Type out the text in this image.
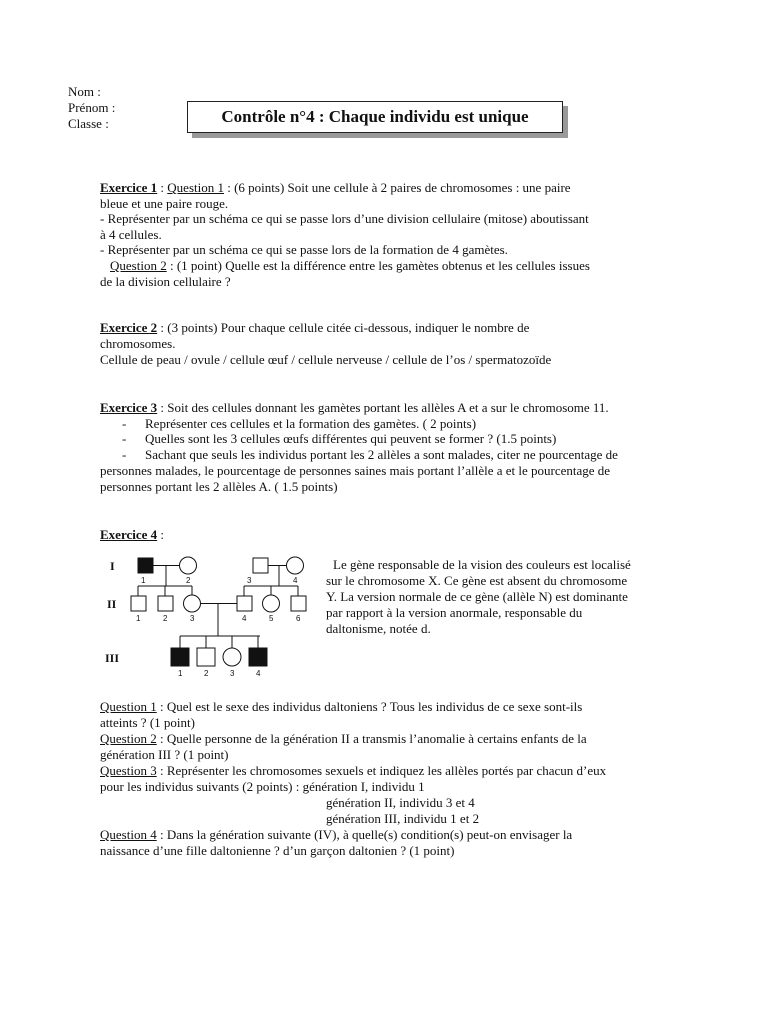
Nom :
Prénom :
Classe :	Contrôle n°4 : Chaque individu est unique
Exercice 1 : Question 1 : (6 points) Soit une cellule à 2 paires de chromosomes : une paire
bleue et une paire rouge.
- Représenter par un schéma ce qui se passe lors d’une division cellulaire (mitose) aboutissant
à 4 cellules.
- Représenter par un schéma ce qui se passe lors de la formation de 4 gamètes.
Question 2 : (1 point) Quelle est la différence entre les gamètes obtenus et les cellules issues
de la division cellulaire ?
Exercice 2 : (3 points) Pour chaque cellule citée ci-dessous, indiquer le nombre de
chromosomes.
Cellule de peau / ovule / cellule œuf / cellule nerveuse / cellule de l’os / spermatozoïde
Exercice 3 : Soit des cellules donnant les gamètes portant les allèles A et a sur le chromosome 11.
- Représenter ces cellules et la formation des gamètes. ( 2 points)
- Quelles sont les 3 cellules œufs différentes qui peuvent se former ? (1.5 points)
- Sachant que seuls les individus portant les 2 allèles a sont malades, citer ne pourcentage de
personnes malades, le pourcentage de personnes saines mais portant l’allèle a et le pourcentage de
personnes portant les 2 allèles A. ( 1.5 points)
Exercice 4 :
I
II
III
1	2	3	4
1	2	3	4	5	6
1	2	3	4
Le gène responsable de la vision des couleurs est localisé
sur le chromosome X. Ce gène est absent du chromosome
Y. La version normale de ce gène (allèle N) est dominante
par rapport à la version anormale, responsable du
daltonisme, notée d.
Question 1 : Quel est le sexe des individus daltoniens ? Tous les individus de ce sexe sont-ils
atteints ? (1 point)
Question 2 : Quelle personne de la génération II a transmis l’anomalie à certains enfants de la
génération III ? (1 point)
Question 3 : Représenter les chromosomes sexuels et indiquez les allèles portés par chacun d’eux
pour les individus suivants (2 points) : génération I, individu 1
génération II, individu 3 et 4
génération III, individu 1 et 2
Question 4 : Dans la génération suivante (IV), à quelle(s) condition(s) peut-on envisager la
naissance d’une fille daltonienne ? d’un garçon daltonien ? (1 point)
